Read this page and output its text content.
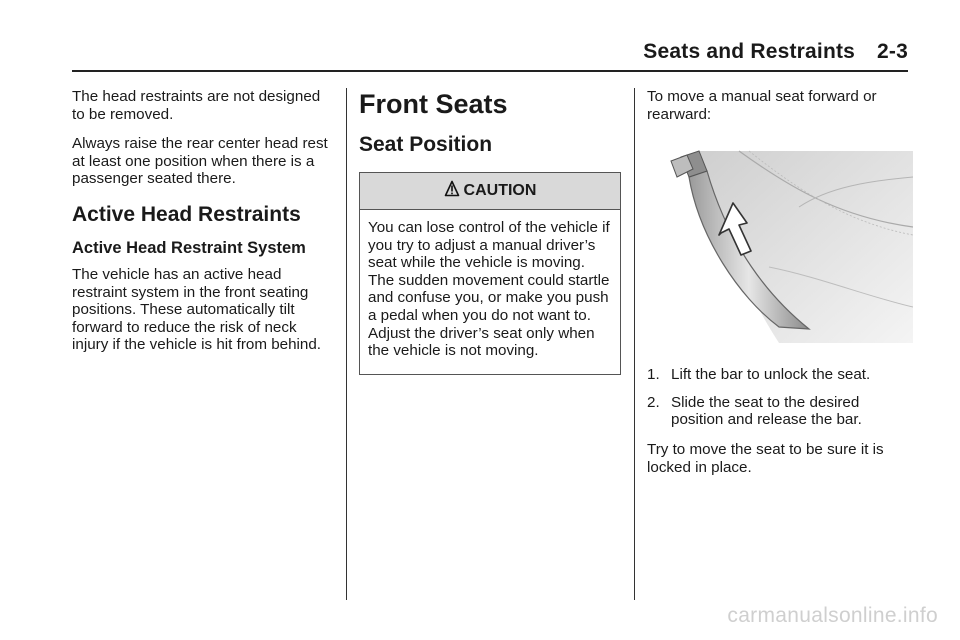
Seats and Restraints 2-3

The head restraints are not designed to be removed.

Always raise the rear center head rest at least one position when there is a passenger seated there.

Active Head Restraints
Active Head Restraint System

The vehicle has an active head restraint system in the front seating positions. These automatically tilt forward to reduce the risk of neck injury if the vehicle is hit from behind.

Front Seats
Seat Position
CAUTION

You can lose control of the vehicle if you try to adjust a manual driver’s seat while the vehicle is moving. The sudden movement could startle and confuse you, or make you push a pedal when you do not want to. Adjust the driver’s seat only when the vehicle is not moving.

To move a manual seat forward or rearward:

1. Lift the bar to unlock the seat.
2. Slide the seat to the desired position and release the bar.

Try to move the seat to be sure it is locked in place.

carmanualsonline.info
